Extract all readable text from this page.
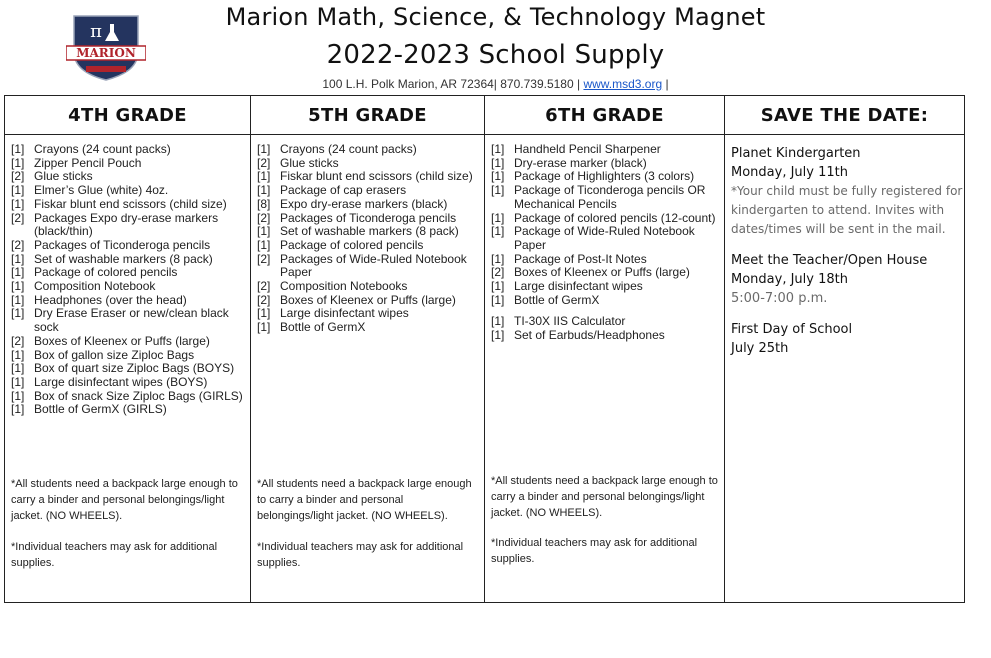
MARION
π
Marion Math, Science, & Technology Magnet
2022-2023 School Supply
100 L.H. Polk Marion, AR 72364| 870.739.5180 | www.msd3.org |
4TH GRADE
[1] Crayons (24 count packs)
[1] Zipper Pencil Pouch
[2] Glue sticks
[1] Elmer’s Glue (white) 4oz.
[1] Fiskar blunt end scissors (child size)
[2] Packages Expo dry-erase markers (black/thin)
[2] Packages of Ticonderoga pencils
[1] Set of washable markers (8 pack)
[1] Package of colored pencils
[1] Composition Notebook
[1] Headphones (over the head)
[1] Dry Erase Eraser or new/clean black sock
[2] Boxes of Kleenex or Puffs (large)
[1] Box of gallon size Ziploc Bags
[1] Box of quart size Ziploc Bags (BOYS)
[1] Large disinfectant wipes (BOYS)
[1] Box of snack Size Ziploc Bags (GIRLS)
[1] Bottle of GermX (GIRLS)
*All students need a backpack large enough to carry a binder and personal belongings/light jacket. (NO WHEELS).
*Individual teachers may ask for additional supplies.
5TH GRADE
[1] Crayons (24 count packs)
[2] Glue sticks
[1] Fiskar blunt end scissors (child size)
[1] Package of cap erasers
[8] Expo dry-erase markers (black)
[2] Packages of Ticonderoga pencils
[1] Set of washable markers (8 pack)
[1] Package of colored pencils
[2] Packages of Wide-Ruled Notebook Paper
[2] Composition Notebooks
[2] Boxes of Kleenex or Puffs (large)
[1] Large disinfectant wipes
[1] Bottle of GermX
*All students need a backpack large enough to carry a binder and personal belongings/light jacket. (NO WHEELS).
*Individual teachers may ask for additional supplies.
6TH GRADE
[1] Handheld Pencil Sharpener
[1] Dry-erase marker (black)
[1] Package of Highlighters (3 colors)
[1] Package of Ticonderoga pencils OR Mechanical Pencils
[1] Package of colored pencils (12-count)
[1] Package of Wide-Ruled Notebook Paper
[1] Package of Post-It Notes
[2] Boxes of Kleenex or Puffs (large)
[1] Large disinfectant wipes
[1] Bottle of GermX
[1] TI-30X IIS Calculator
[1] Set of Earbuds/Headphones
*All students need a backpack large enough to carry a binder and personal belongings/light jacket. (NO WHEELS).
*Individual teachers may ask for additional supplies.
SAVE THE DATE:
Planet Kindergarten
Monday, July 11th
*Your child must be fully registered for kindergarten to attend. Invites with dates/times will be sent in the mail.
Meet the Teacher/Open House
Monday, July 18th
5:00-7:00 p.m.
First Day of School
July 25th
